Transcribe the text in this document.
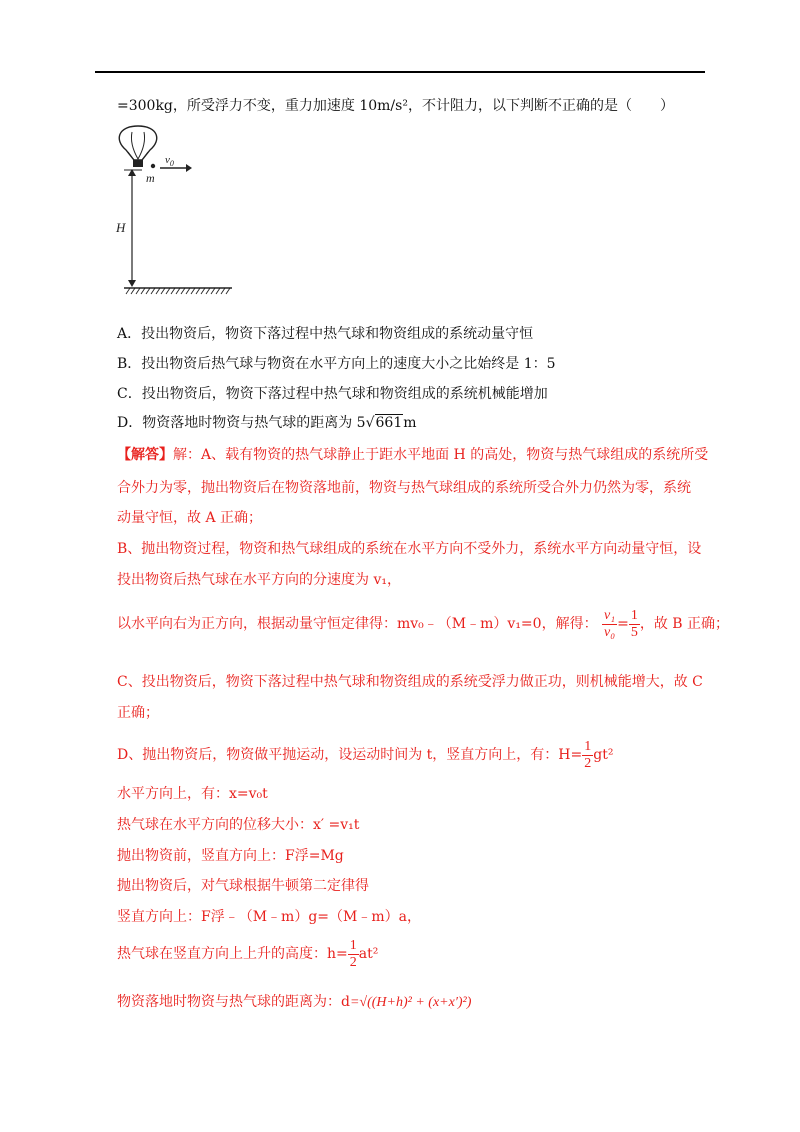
=300kg，所受浮力不变，重力加速度 10m/s²，不计阻力，以下判断不正确的是（　　）
$v_0$
m
H
A．投出物资后，物资下落过程中热气球和物资组成的系统动量守恒
B．投出物资后热气球与物资在水平方向上的速度大小之比始终是 1：5
C．投出物资后，物资下落过程中热气球和物资组成的系统机械能增加
D．物资落地时物资与热气球的距离为 5√661m
【解答】解：A、载有物资的热气球静止于距水平地面 H 的高处，物资与热气球组成的系统所受
合外力为零，抛出物资后在物资落地前，物资与热气球组成的系统所受合外力仍然为零，系统
动量守恒，故 A 正确；
B、抛出物资过程，物资和热气球组成的系统在水平方向不受外力，系统水平方向动量守恒，设
投出物资后热气球在水平方向的分速度为 v₁，
以水平向右为正方向，根据动量守恒定律得：mv₀﹣（M﹣m）v₁=0，解得： $\frac{\text{v₁}}{\text{v₀}} = \frac{1}{5}$ ，故 B 正确；
C、投出物资后，物资下落过程中热气球和物资组成的系统受浮力做正功，则机械能增大，故 C
正确；
D、抛出物资后，物资做平抛运动，设运动时间为 t，竖直方向上，有：$H= \frac{1}{2} gt^2$
水平方向上，有：x=v₀t
热气球在水平方向的位移大小：x′ =v₁t
抛出物资前，竖直方向上：F浮=Mg
抛出物资后，对气球根据牛顿第二定律得
竖直方向上：F浮﹣（M﹣m）g=（M﹣m）a，
热气球在竖直方向上上升的高度：$h= \frac{1}{2} at^2$
物资落地时物资与热气球的距离为：d=√((H+h)² + (x+x′)²)
